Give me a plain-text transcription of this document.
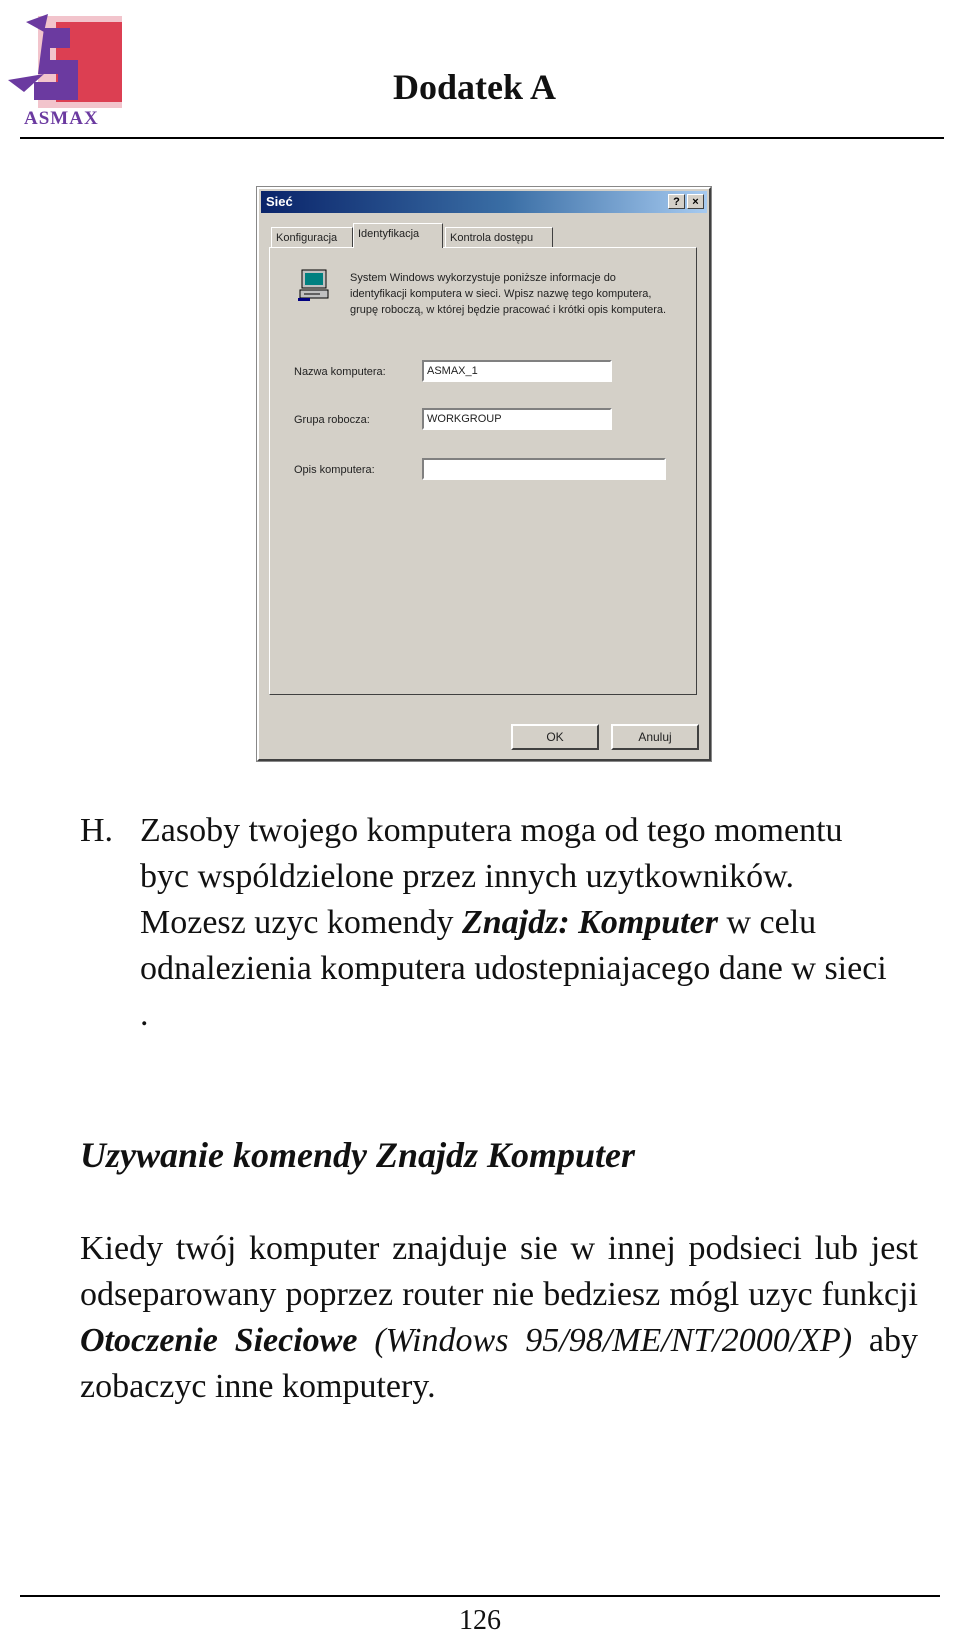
ASMAX
Dodatek A
Sieć	?	×
Konfiguracja	Identyfikacja	Kontrola dostępu
System Windows wykorzystuje poniższe informacje do identyfikacji komputera w sieci. Wpisz nazwę tego komputera, grupę roboczą, w której będzie pracować i krótki opis komputera.
Nazwa komputera:	ASMAX_1
Grupa robocza:	WORKGROUP
Opis komputera:
OK	Anuluj

H. Zasoby twojego komputera moga od tego momentu byc wspóldzielone przez innych uzytkowników. Mozesz uzyc komendy Znajdz: Komputer w celu odnalezienia komputera udostepniajacego dane w sieci .

Uzywanie komendy Znajdz Komputer

Kiedy twój komputer znajduje sie w innej podsieci lub jest odseparowany poprzez router nie bedziesz mógl uzyc funkcji Otoczenie Sieciowe (Windows 95/98/ME/NT/2000/XP) aby zobaczyc inne komputery.

126
